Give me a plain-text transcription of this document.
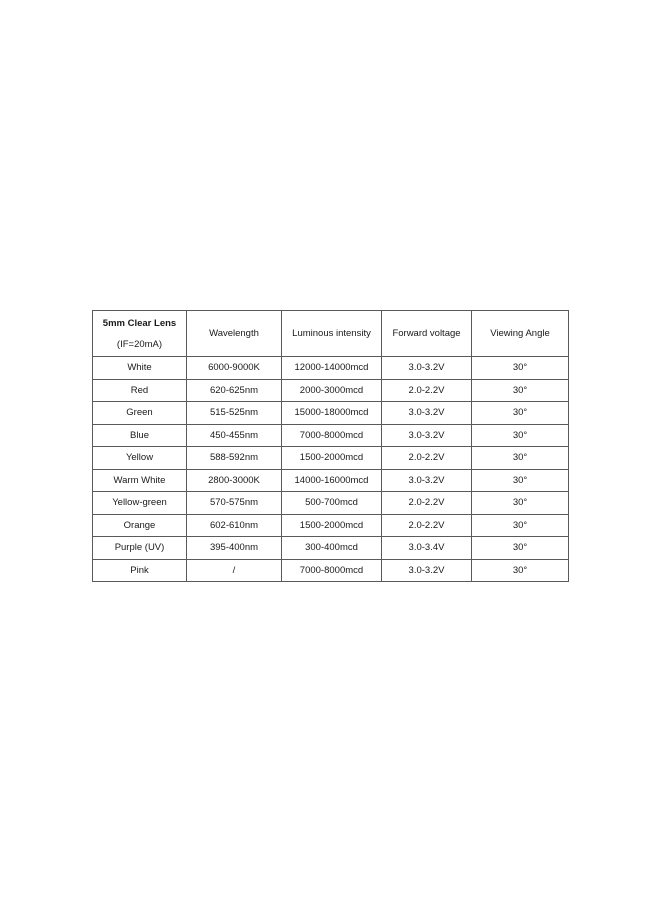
5mm Clear Lens
(IF=20mA)	Wavelength	Luminous intensity	Forward voltage	Viewing Angle
White	6000-9000K	12000-14000mcd	3.0-3.2V	30°
Red	620-625nm	2000-3000mcd	2.0-2.2V	30°
Green	515-525nm	15000-18000mcd	3.0-3.2V	30°
Blue	450-455nm	7000-8000mcd	3.0-3.2V	30°
Yellow	588-592nm	1500-2000mcd	2.0-2.2V	30°
Warm White	2800-3000K	14000-16000mcd	3.0-3.2V	30°
Yellow-green	570-575nm	500-700mcd	2.0-2.2V	30°
Orange	602-610nm	1500-2000mcd	2.0-2.2V	30°
Purple (UV)	395-400nm	300-400mcd	3.0-3.4V	30°
Pink	/	7000-8000mcd	3.0-3.2V	30°
